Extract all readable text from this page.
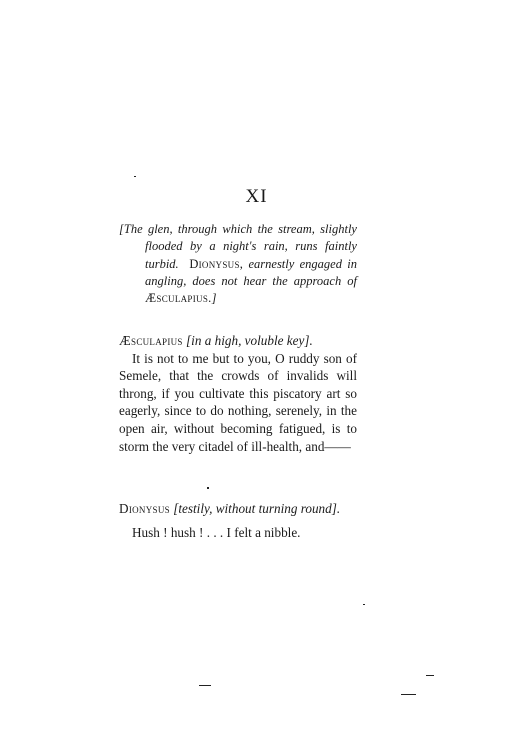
XI

[The glen, through which the stream, slightly flooded by a night's rain, runs faintly turbid. Dionysus, earnestly engaged in angling, does not hear the approach of Æsculapius.]

Æsculapius [in a high, voluble key].

It is not to me but to you, O ruddy son of Semele, that the crowds of invalids will throng, if you cultivate this piscatory art so eagerly, since to do nothing, serenely, in the open air, without becoming fatigued, is to storm the very citadel of ill-health, and——

Dionysus [testily, without turning round].

Hush ! hush ! . . . I felt a nibble.
